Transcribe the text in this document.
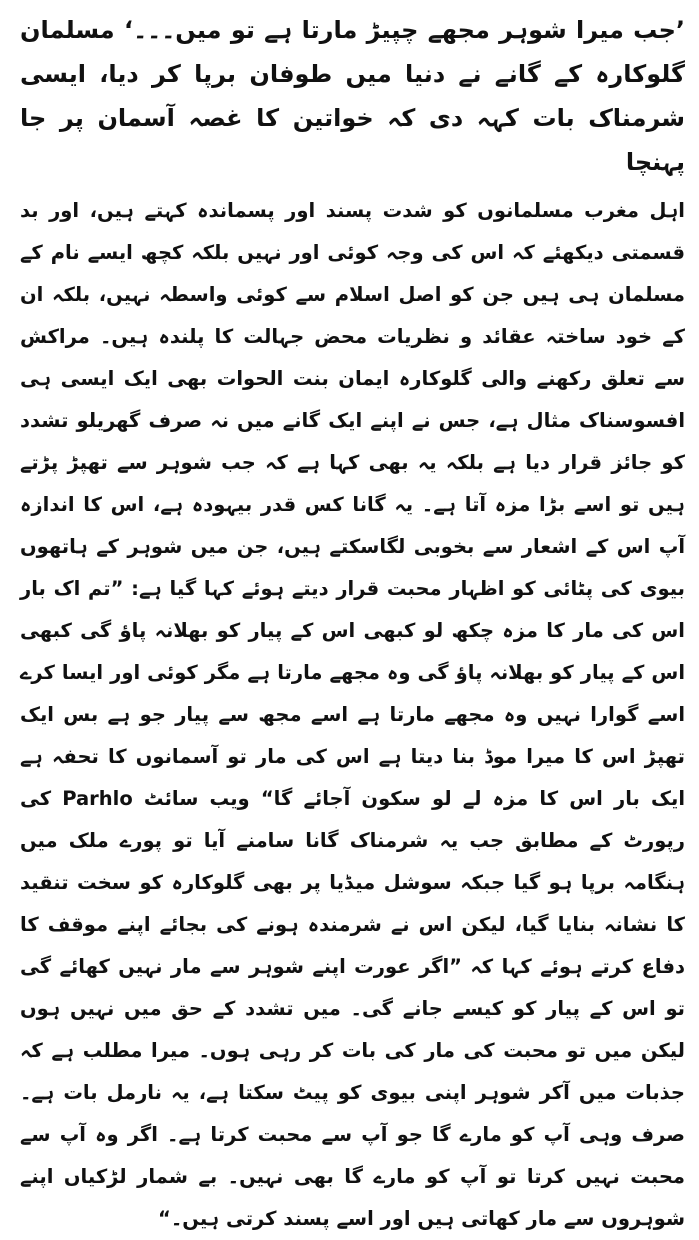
’جب میرا شوہر مجھے چپیڑ مارتا ہے تو میں۔۔۔‘ مسلمان گلوکارہ کے گانے نے دنیا میں طوفان برپا کر دیا، ایسی شرمناک بات کہہ دی کہ خواتین کا غصہ آسمان پر جا پہنچا

اہل مغرب مسلمانوں کو شدت پسند اور پسماندہ کہتے ہیں، اور بد قسمتی دیکھئے کہ اس کی وجہ کوئی اور نہیں بلکہ کچھ ایسے نام کے مسلمان ہی ہیں جن کو اصل اسلام سے کوئی واسطہ نہیں، بلکہ ان کے خود ساختہ عقائد و نظریات محض جہالت کا پلندہ ہیں۔ مراکش سے تعلق رکھنے والی گلوکارہ ایمان بنت الحوات بھی ایک ایسی ہی افسوسناک مثال ہے، جس نے اپنے ایک گانے میں نہ صرف گھریلو تشدد کو جائز قرار دیا ہے بلکہ یہ بھی کہا ہے کہ جب شوہر سے تھپڑ پڑتے ہیں تو اسے بڑا مزہ آتا ہے۔ یہ گانا کس قدر بیہودہ ہے، اس کا اندازہ آپ اس کے اشعار سے بخوبی لگاسکتے ہیں، جن میں شوہر کے ہاتھوں بیوی کی پٹائی کو اظہار محبت قرار دیتے ہوئے کہا گیا ہے: ”تم اک بار اس کی مار کا مزہ چکھ لو کبھی اس کے پیار کو بھلانہ پاؤ گی کبھی اس کے پیار کو بھلانہ پاؤ گی وہ مجھے مارتا ہے مگر کوئی اور ایسا کرے اسے گوارا نہیں وہ مجھے مارتا ہے اسے مجھ سے پیار جو ہے بس ایک تھپڑ اس کا میرا موڈ بنا دیتا ہے اس کی مار تو آسمانوں کا تحفہ ہے ایک بار اس کا مزہ لے لو سکون آجائے گا“ ویب سائٹ Parhlo کی رپورٹ کے مطابق جب یہ شرمناک گانا سامنے آیا تو پورے ملک میں ہنگامہ برپا ہو گیا جبکہ سوشل میڈیا پر بھی گلوکارہ کو سخت تنقید کا نشانہ بنایا گیا، لیکن اس نے شرمندہ ہونے کی بجائے اپنے موقف کا دفاع کرتے ہوئے کہا کہ ”اگر عورت اپنے شوہر سے مار نہیں کھائے گی تو اس کے پیار کو کیسے جانے گی۔ میں تشدد کے حق میں نہیں ہوں لیکن میں تو محبت کی مار کی بات کر رہی ہوں۔ میرا مطلب ہے کہ جذبات میں آکر شوہر اپنی بیوی کو پیٹ سکتا ہے، یہ نارمل بات ہے۔ صرف وہی آپ کو مارے گا جو آپ سے محبت کرتا ہے۔ اگر وہ آپ سے محبت نہیں کرتا تو آپ کو مارے گا بھی نہیں۔ بے شمار لڑکیاں اپنے شوہروں سے مار کھاتی ہیں اور اسے پسند کرتی ہیں۔“
